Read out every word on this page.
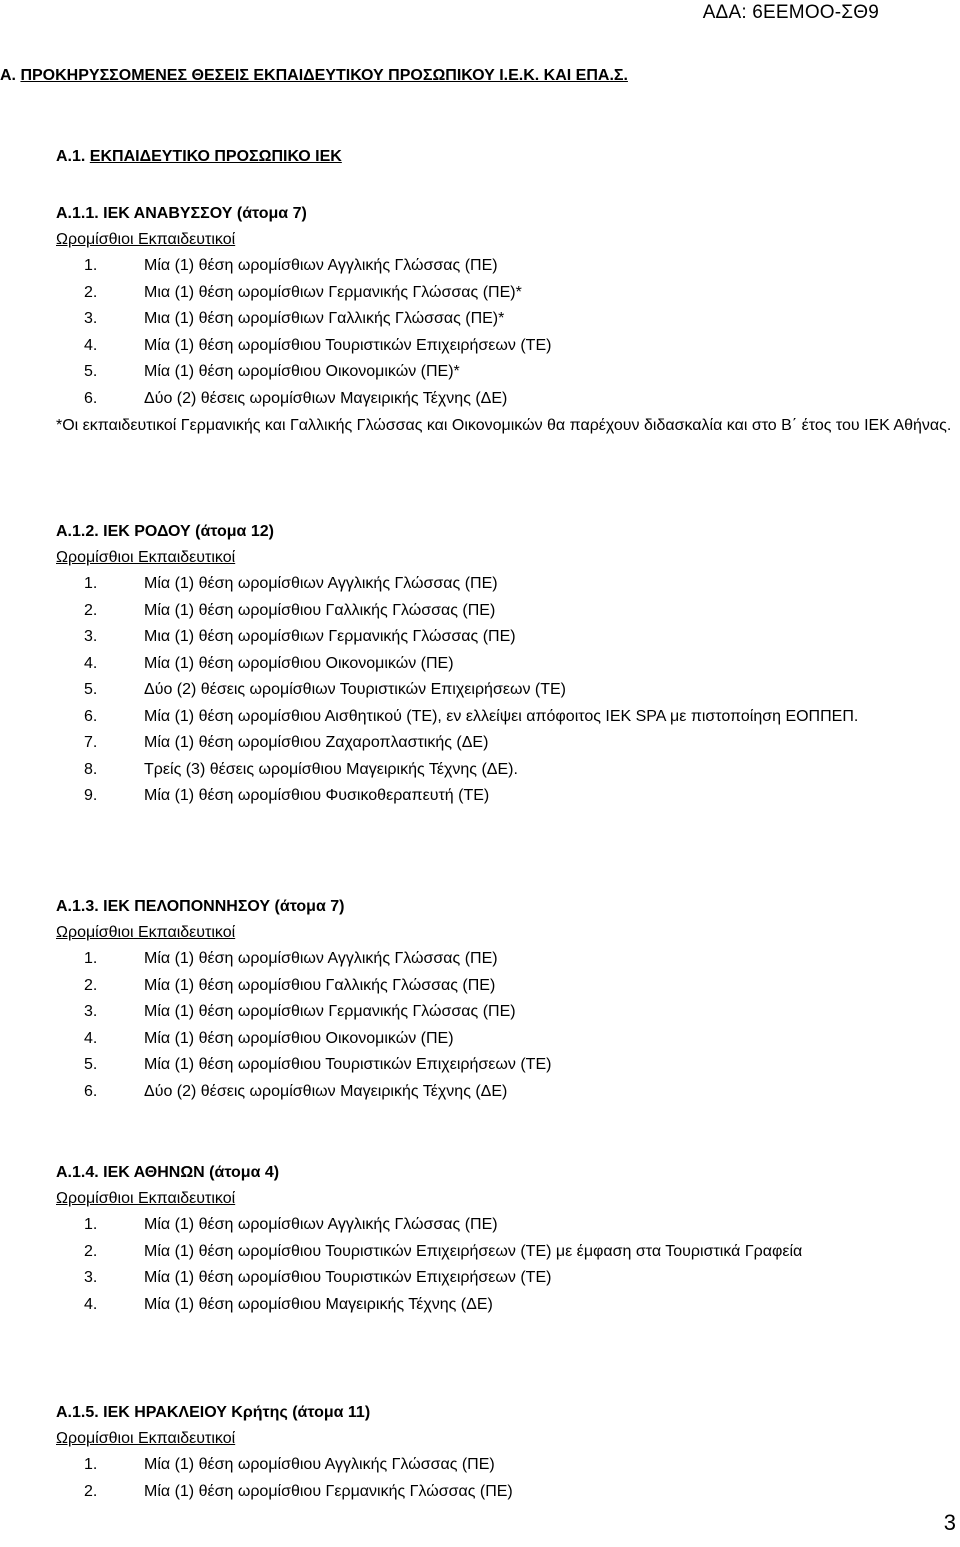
ΑΔΑ: 6ΕΕΜΟΟ-ΣΘ9
Α. ΠΡΟΚΗΡΥΣΣΟΜΕΝΕΣ ΘΕΣΕΙΣ ΕΚΠΑΙΔΕΥΤΙΚΟΥ ΠΡΟΣΩΠΙΚΟΥ Ι.Ε.Κ. ΚΑΙ ΕΠΑ.Σ.
Α.1. ΕΚΠΑΙΔΕΥΤΙΚΟ ΠΡΟΣΩΠΙΚΟ ΙΕΚ
Α.1.1. ΙΕΚ ΑΝΑΒΥΣΣΟΥ (άτομα 7)
Ωρομίσθιοι Εκπαιδευτικοί
1.	Μία (1) θέση ωρομίσθιων Αγγλικής Γλώσσας (ΠΕ)
2.	Μια (1) θέση ωρομίσθιων Γερμανικής Γλώσσας (ΠΕ)*
3.	Μια (1) θέση ωρομίσθιων Γαλλικής Γλώσσας (ΠΕ)*
4.	Μία (1) θέση ωρομίσθιου Τουριστικών Επιχειρήσεων (ΤΕ)
5.	Μία (1) θέση ωρομίσθιου Οικονομικών (ΠΕ)*
6.	Δύο (2) θέσεις ωρομίσθιων Μαγειρικής Τέχνης (ΔΕ)
*Οι εκπαιδευτικοί Γερμανικής και Γαλλικής Γλώσσας και Οικονομικών θα παρέχουν διδασκαλία και στο Β΄ έτος του ΙΕΚ Αθήνας.
Α.1.2. ΙΕΚ ΡΟΔΟΥ (άτομα 12)
Ωρομίσθιοι Εκπαιδευτικοί
1.	Μία (1) θέση ωρομίσθιων Αγγλικής Γλώσσας (ΠΕ)
2.	Μία (1) θέση ωρομίσθιου Γαλλικής Γλώσσας (ΠΕ)
3.	Μια (1) θέση ωρομίσθιων Γερμανικής Γλώσσας (ΠΕ)
4.	Μία (1) θέση ωρομίσθιου Οικονομικών (ΠΕ)
5.	Δύο (2) θέσεις ωρομίσθιων Τουριστικών Επιχειρήσεων (ΤΕ)
6.	Μία (1) θέση ωρομίσθιου Αισθητικού (ΤΕ), εν ελλείψει απόφοιτος ΙΕΚ SPA με πιστοποίηση ΕΟΠΠΕΠ.
7.	Μία (1) θέση ωρομίσθιου Ζαχαροπλαστικής (ΔΕ)
8.	Τρείς (3) θέσεις ωρομίσθιου Μαγειρικής Τέχνης (ΔΕ).
9.	Μία (1) θέση ωρομίσθιου Φυσικοθεραπευτή (ΤΕ)
Α.1.3. ΙΕΚ ΠΕΛΟΠΟΝΝΗΣΟΥ (άτομα 7)
Ωρομίσθιοι Εκπαιδευτικοί
1.	Μία (1) θέση ωρομίσθιων Αγγλικής Γλώσσας (ΠΕ)
2.	Μία (1) θέση ωρομίσθιου Γαλλικής Γλώσσας (ΠΕ)
3.	Μία (1) θέση ωρομίσθιων Γερμανικής Γλώσσας (ΠΕ)
4.	Μία (1) θέση ωρομίσθιου Οικονομικών (ΠΕ)
5.	Μία (1) θέση ωρομίσθιου Τουριστικών Επιχειρήσεων (ΤΕ)
6.	Δύο (2) θέσεις ωρομίσθιων Μαγειρικής Τέχνης (ΔΕ)
Α.1.4. ΙΕΚ ΑΘΗΝΩΝ (άτομα 4)
Ωρομίσθιοι Εκπαιδευτικοί
1.	Μία (1) θέση ωρομίσθιων Αγγλικής Γλώσσας (ΠΕ)
2.	Μία (1) θέση ωρομίσθιου Τουριστικών Επιχειρήσεων (ΤΕ) με έμφαση στα Τουριστικά Γραφεία
3.	Μία (1) θέση ωρομίσθιου Τουριστικών Επιχειρήσεων (ΤΕ)
4.	Μία (1) θέση ωρομίσθιου Μαγειρικής Τέχνης (ΔΕ)
Α.1.5. ΙΕΚ ΗΡΑΚΛΕΙΟΥ Κρήτης (άτομα 11)
Ωρομίσθιοι Εκπαιδευτικοί
1.	Μία (1) θέση ωρομίσθιου Αγγλικής Γλώσσας (ΠΕ)
2.	Μία (1) θέση ωρομίσθιου Γερμανικής Γλώσσας (ΠΕ)
3
